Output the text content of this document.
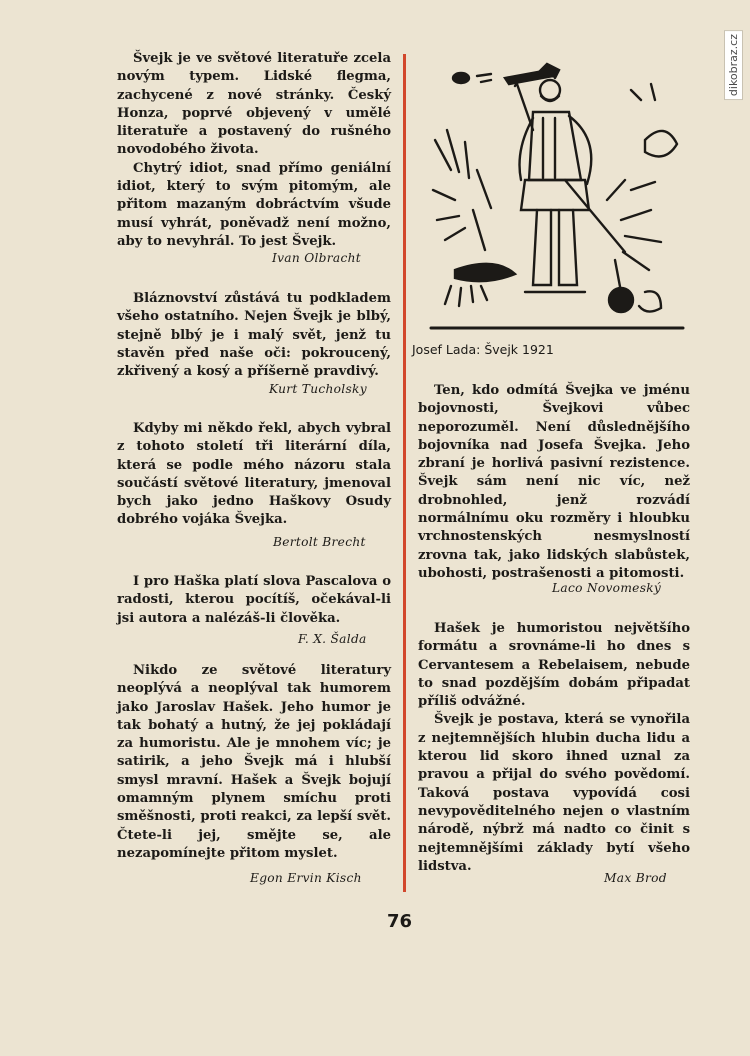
dikobraz.cz

Švejk je ve světové literatuře zcela novým typem. Lidské flegma, zachycené z nové stránky. Český Honza, poprvé objevený v umělé literatuře a postavený do rušného novodobého života.

Chytrý idiot, snad přímo geniální idiot, který to svým pitomým, ale přitom mazaným dobráctvím všude musí vyhrát, poněvadž není možno, aby to nevyhrál. To jest Švejk.

Ivan Olbracht

Bláznovství zůstává tu podkladem všeho ostatního. Nejen Švejk je blbý, stejně blbý je i malý svět, jenž tu stavěn před naše oči: pokroucený, zkřivený a kosý a příšerně pravdivý.

Kurt Tucholsky

Kdyby mi někdo řekl, abych vybral z tohoto století tři literární díla, která se podle mého názoru stala součástí světové literatury, jmenoval bych jako jedno Haškovy Osudy dobrého vojáka Švejka.

Bertolt Brecht

I pro Haška platí slova Pascalova o radosti, kterou pocítíš, očekával-li jsi autora a nalézáš-li člověka.

F. X. Šalda

Nikdo ze světové literatury neoplývá a neoplýval tak humorem jako Jaroslav Hašek. Jeho humor je tak bohatý a hutný, že jej pokládají za humoristu. Ale je mnohem víc; je satirik, a jeho Švejk má i hlubší smysl mravní. Hašek a Švejk bojují omamným plynem smíchu proti směšnosti, proti reakci, za lepší svět. Čtete-li jej, smějte se, ale nezapomínejte přitom myslet.

Egon Ervin Kisch
Josef Lada: Švejk 1921

Ten, kdo odmítá Švejka ve jménu bojovnosti, Švejkovi vůbec neporozuměl. Není důslednějšího bojovníka nad Josefa Švejka. Jeho zbraní je horlivá pasivní rezistence. Švejk sám není nic víc, než drobnohled, jenž rozvádí normálnímu oku rozměry i hloubku vrchnostenských nesmyslností zrovna tak, jako lidských slabůstek, ubohosti, postrašenosti a pitomosti.

Laco Novomeský

Hašek je humoristou největšího formátu a srovnáme-li ho dnes s Cervantesem a Rebelaisem, nebude to snad pozdějším dobám připadat příliš odvážné.

Švejk je postava, která se vynořila z nejtemnějších hlubin ducha lidu a kterou lid skoro ihned uznal za pravou a přijal do svého povědomí. Taková postava vypovídá cosi nevypověditelného nejen o vlastním národě, nýbrž má nadto co činit s nejtemnějšími základy bytí všeho lidstva.

Max Brod
76
